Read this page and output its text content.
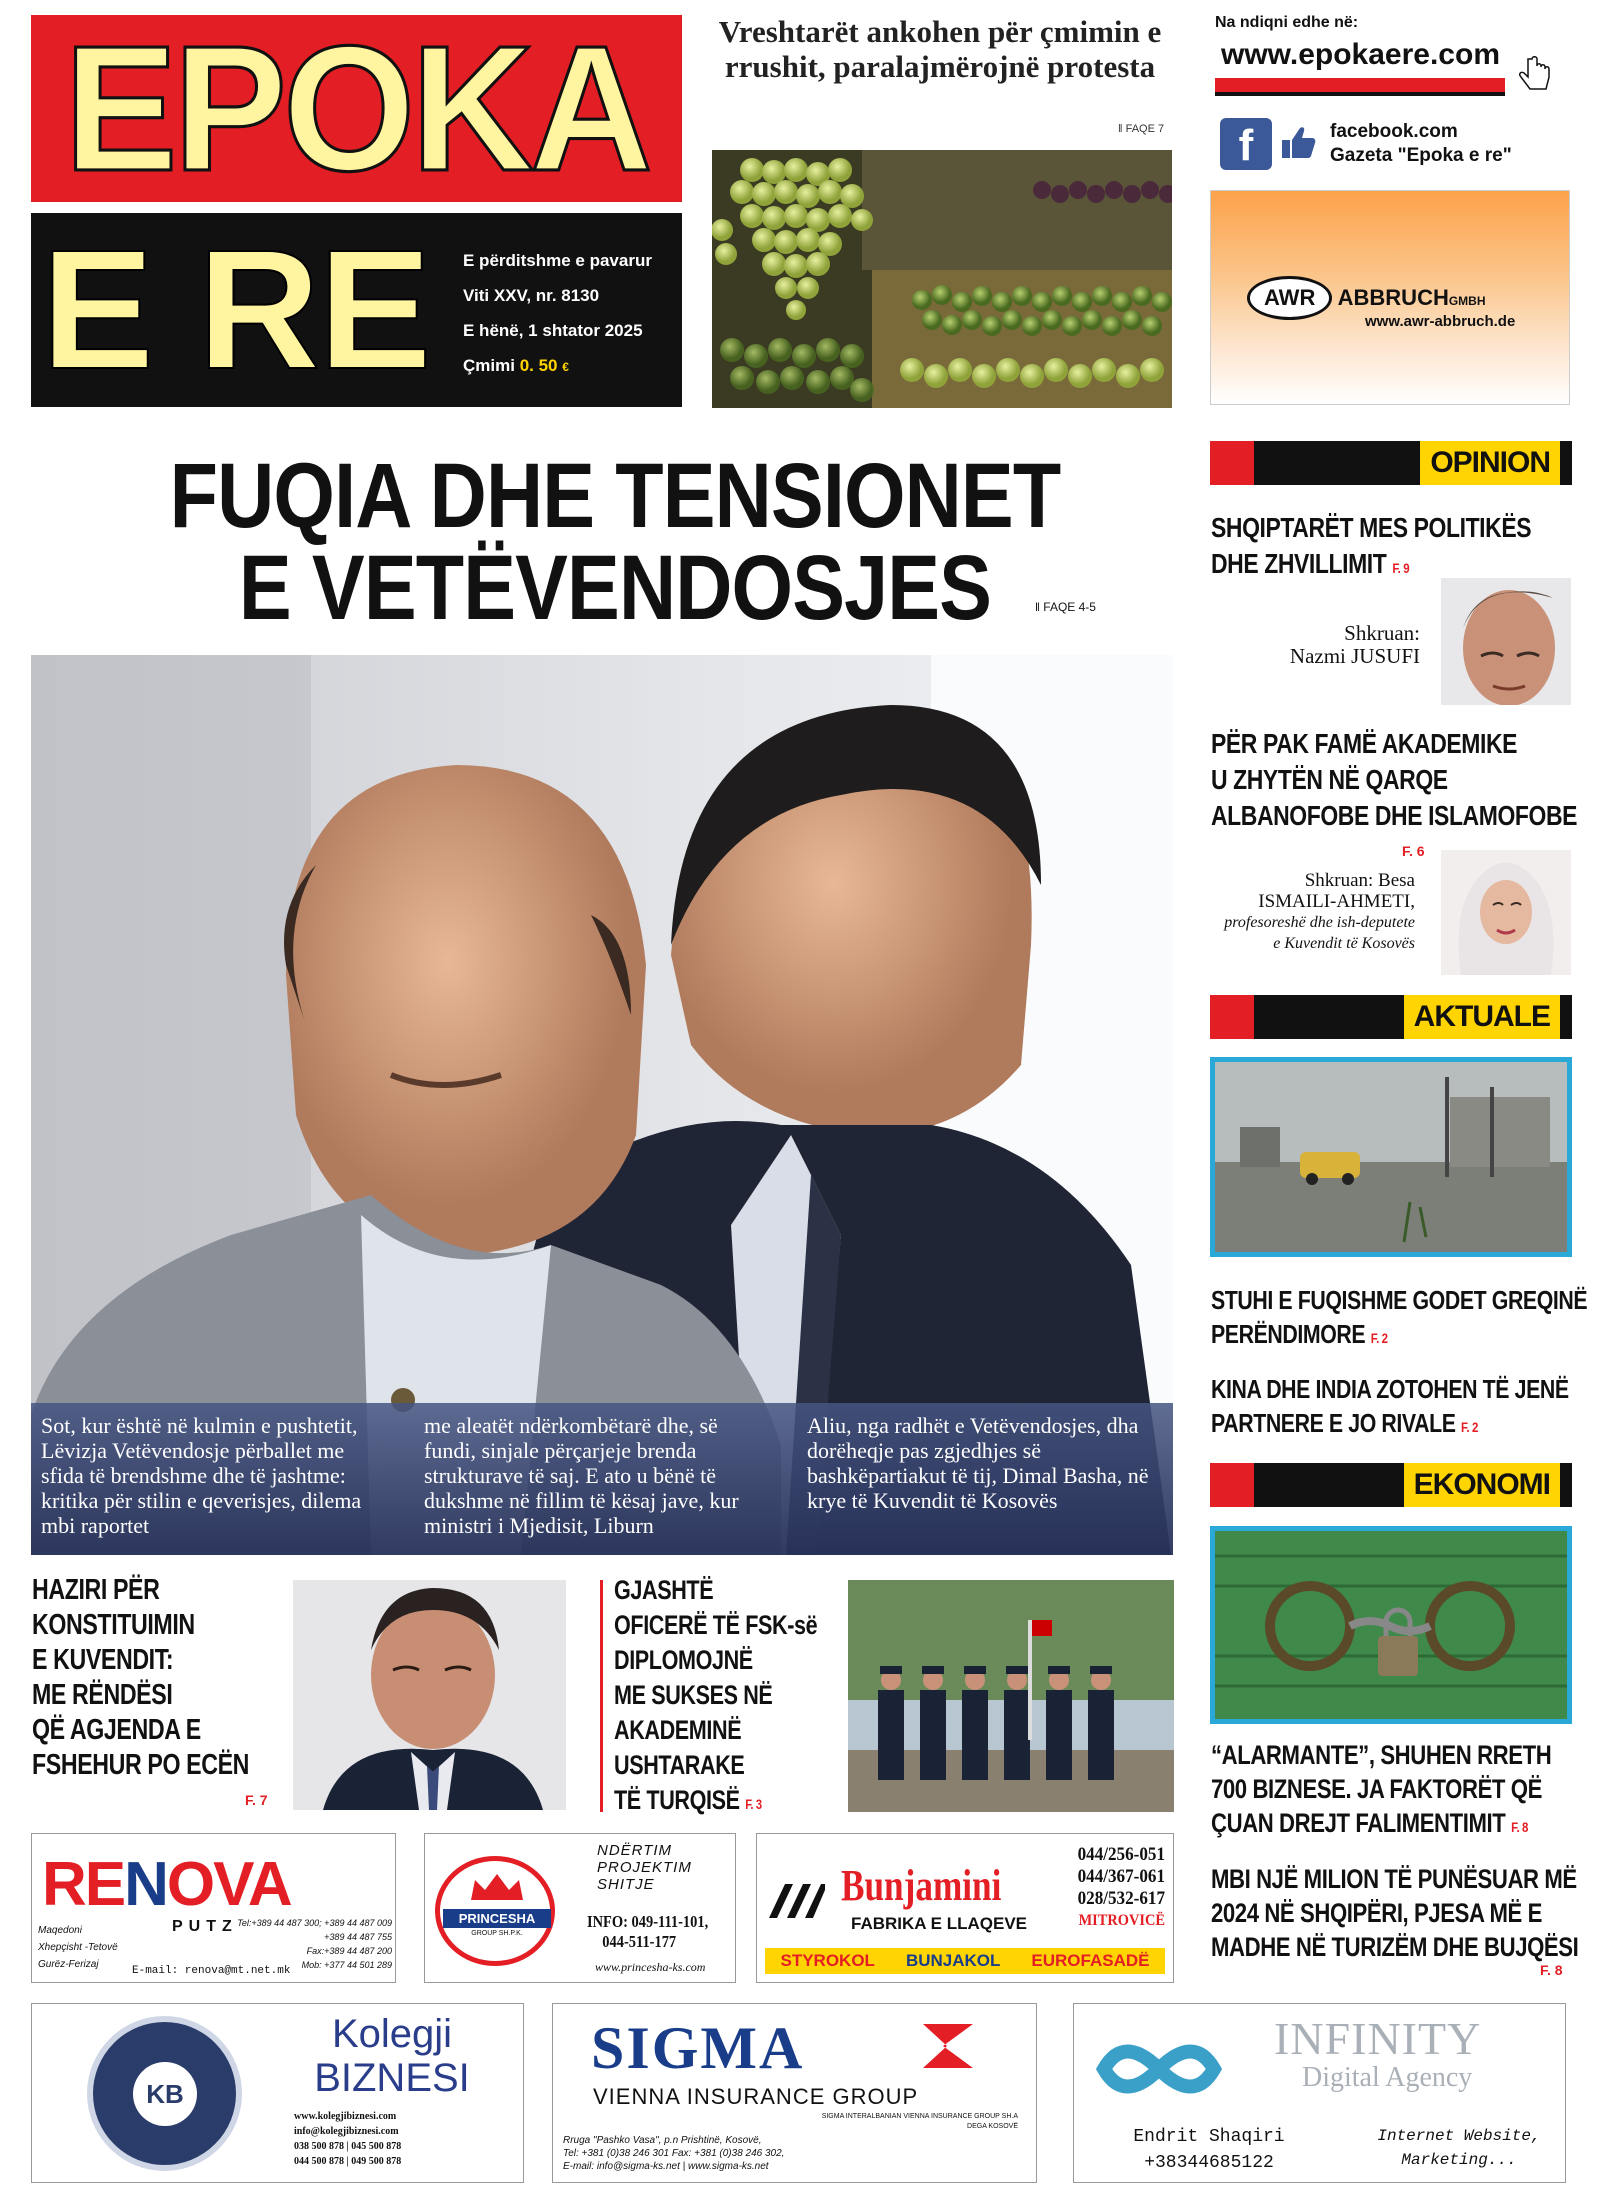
EPOKA
E RE E përditshme e pavarur
Viti XXV, nr. 8130
E hënë, 1 shtator 2025
Çmimi 0. 50 €
Vreshtarët ankohen për çmimin e rrushit, paralajmërojnë protesta
‖ FAQE 7
Na ndiqni edhe në:
www.epokaere.com
f	facebook.com
Gazeta "Epoka e re"
AWR ABBRUCHGMBH
www.awr-abbruch.de
FUQIA DHE TENSIONET
E VETËVENDOSJES	‖ FAQE 4-5
Sot, kur është në kulmin e pushtetit, Lëvizja Vetëvendosje përballet me sfida të brendshme dhe të jashtme: kritika për stilin e qeverisjes, dilema mbi raportet
me aleatët ndërkombëtarë dhe, së fundi, sinjale përçarjeje brenda strukturave të saj. E ato u bënë të dukshme në fillim të kësaj jave, kur ministri i Mjedisit, Liburn
Aliu, nga radhët e Vetëvendosjes, dha dorëheqje pas zgjedhjes së bashkëpartiakut të tij, Dimal Basha, në krye të Kuvendit të Kosovës
OPINION
SHQIPTARËT MES POLITIKËS
DHE ZHVILLIMIT F. 9
Shkruan:
Nazmi JUSUFI
PËR PAK FAMË AKADEMIKE
U ZHYTËN NË QARQE
ALBANOFOBE DHE ISLAMOFOBE
F. 6
Shkruan: Besa
ISMAILI-AHMETI,
profesoreshë dhe ish-deputete
e Kuvendit të Kosovës
AKTUALE
STUHI E FUQISHME GODET GREQINË
PERËNDIMORE F. 2
KINA DHE INDIA ZOTOHEN TË JENË
PARTNERE E JO RIVALE F. 2
EKONOMI
“ALARMANTE”, SHUHEN RRETH
700 BIZNESE. JA FAKTORËT QË
ÇUAN DREJT FALIMENTIMIT F. 8
MBI NJË MILION TË PUNËSUAR MË
2024 NË SHQIPËRI, PJESA MË E
MADHE NË TURIZËM DHE BUJQËSI
F. 8
HAZIRI PËR
KONSTITUIMIN
E KUVENDIT:
ME RËNDËSI
QË AGJENDA E
FSHEHUR PO ECËN
F. 7
GJASHTË
OFICERË TË FSK-së
DIPLOMOJNË
ME SUKSES NË
AKADEMINË
USHTARAKE
TË TURQISË F. 3
RENOVA
PUTZ
Maqedoni
Xhepçisht -Tetovë
Gurëz-Ferizaj
Tel:+389 44 487 300; +389 44 487 009
+389 44 487 755
Fax:+389 44 487 200
Mob: +377 44 501 289
E-mail: renova@mt.net.mk
PRINCESHA
GROUP SH.P.K.
NDËRTIM
PROJEKTIM
SHITJE
INFO: 049-111-101,
044-511-177
www.princesha-ks.com
Bunjamini
FABRIKA E LLAQEVE
044/256-051
044/367-061
028/532-617
MITROVICË
STYROKOL BUNJAKOL EUROFASADË
KB
Kolegji
BIZNESI
www.kolegjibiznesi.com
info@kolegjibiznesi.com
038 500 878 | 045 500 878
044 500 878 | 049 500 878
SIGMA
VIENNA INSURANCE GROUP
SIGMA INTERALBANIAN VIENNA INSURANCE GROUP SH.A
DEGA KOSOVË
Rruga "Pashko Vasa", p.n Prishtinë, Kosovë,
Tel: +381 (0)38 246 301 Fax: +381 (0)38 246 302,
E-mail: info@sigma-ks.net | www.sigma-ks.net
INFINITY
Digital Agency
Endrit Shaqiri
+38344685122
Internet Website,
Marketing...
